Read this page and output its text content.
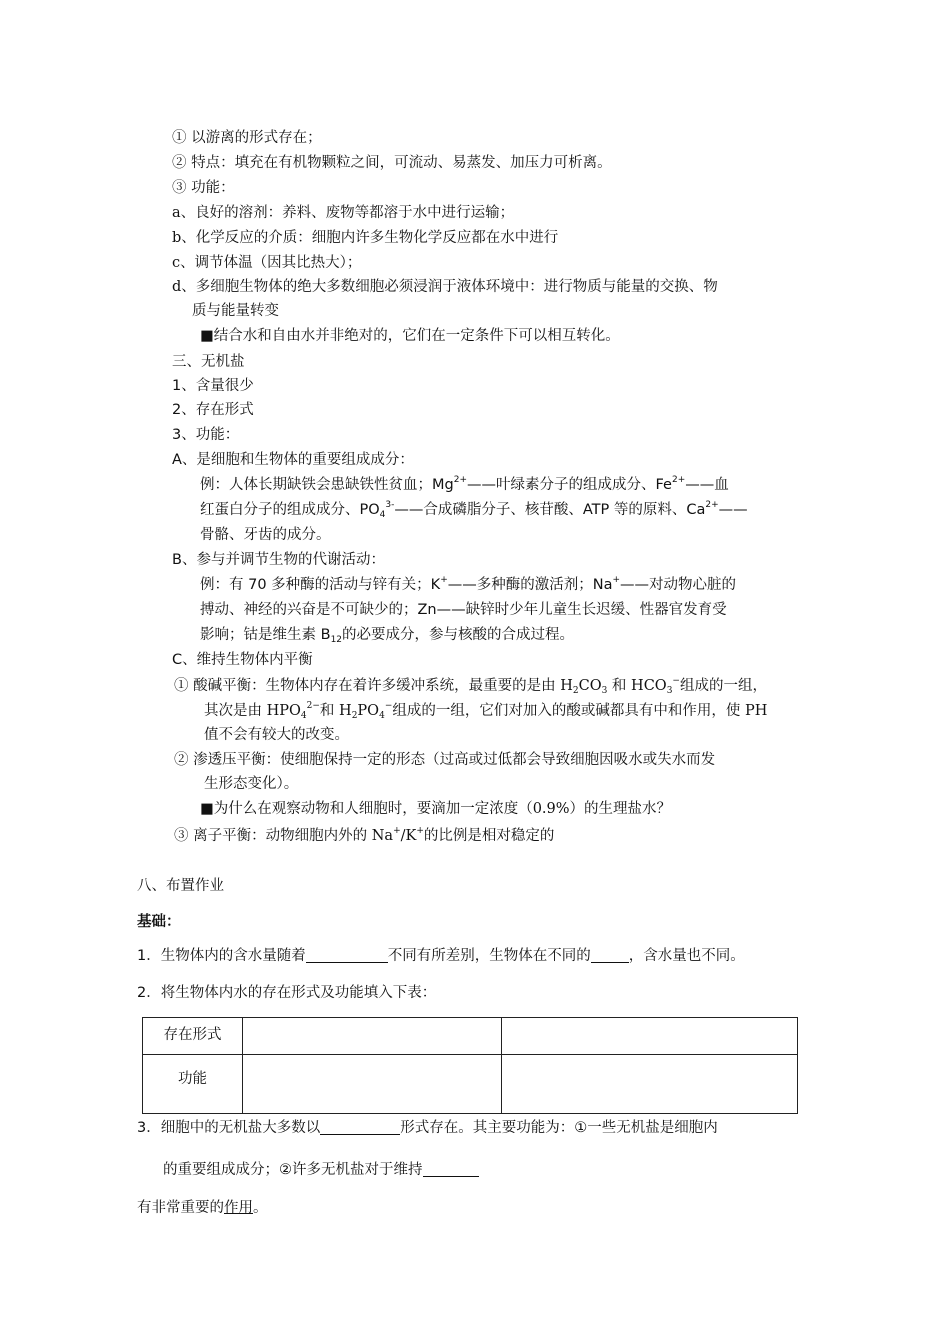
① 以游离的形式存在；
② 特点：填充在有机物颗粒之间，可流动、易蒸发、加压力可析离。
③ 功能：
a、良好的溶剂：养料、废物等都溶于水中进行运输；
b、化学反应的介质：细胞内许多生物化学反应都在水中进行
c、调节体温（因其比热大）；
d、多细胞生物体的绝大多数细胞必须浸润于液体环境中：进行物质与能量的交换、物
质与能量转变
■结合水和自由水并非绝对的，它们在一定条件下可以相互转化。
三、无机盐
1、含量很少
2、存在形式
3、功能：
A、是细胞和生物体的重要组成成分：
例：人体长期缺铁会患缺铁性贫血；$Mg^{2+}——$叶绿素分子的组成成分、$Fe^{2+}——$血
红蛋白分子的组成成分、$PO_4^{3-}——$合成磷脂分子、核苷酸、ATP 等的原料、$Ca^{2+}——$
骨骼、牙齿的成分。
B、参与并调节生物的代谢活动：
例：有 70 多种酶的活动与锌有关；K+——多种酶的激活剂；Na+——对动物心脏的
搏动、神经的兴奋是不可缺少的；Zn——缺锌时少年儿童生长迟缓、性器官发育受
影响；钴是维生素 $B_{12}$的必要成分，参与核酸的合成过程。
C、维持生物体内平衡
① 酸碱平衡：生物体内存在着许多缓冲系统，最重要的是由 $H_2CO_3$ 和 $HCO_3^-$组成的一组，
其次是由 $HPO_4^{2-}$和 $H_2PO_4^-$组成的一组，它们对加入的酸或碱都具有中和作用，使 PH
值不会有较大的改变。
② 渗透压平衡：使细胞保持一定的形态（过高或过低都会导致细胞因吸水或失水而发
生形态变化）。
■为什么在观察动物和人细胞时，要滴加一定浓度（0.9%）的生理盐水？
③ 离子平衡：动物细胞内外的 Na+/K+的比例是相对稳定的
八、布置作业
基础：
1．生物体内的含水量随着	不同有所差别，生物体在不同的	，含水量也不同。
2．将生物体内水的存在形式及功能填入下表：
存在形式		
功能		
3．细胞中的无机盐大多数以	形式存在。其主要功能为：①一些无机盐是细胞内
的重要组成成分；②许多无机盐对于维持
有非常重要的作用。
